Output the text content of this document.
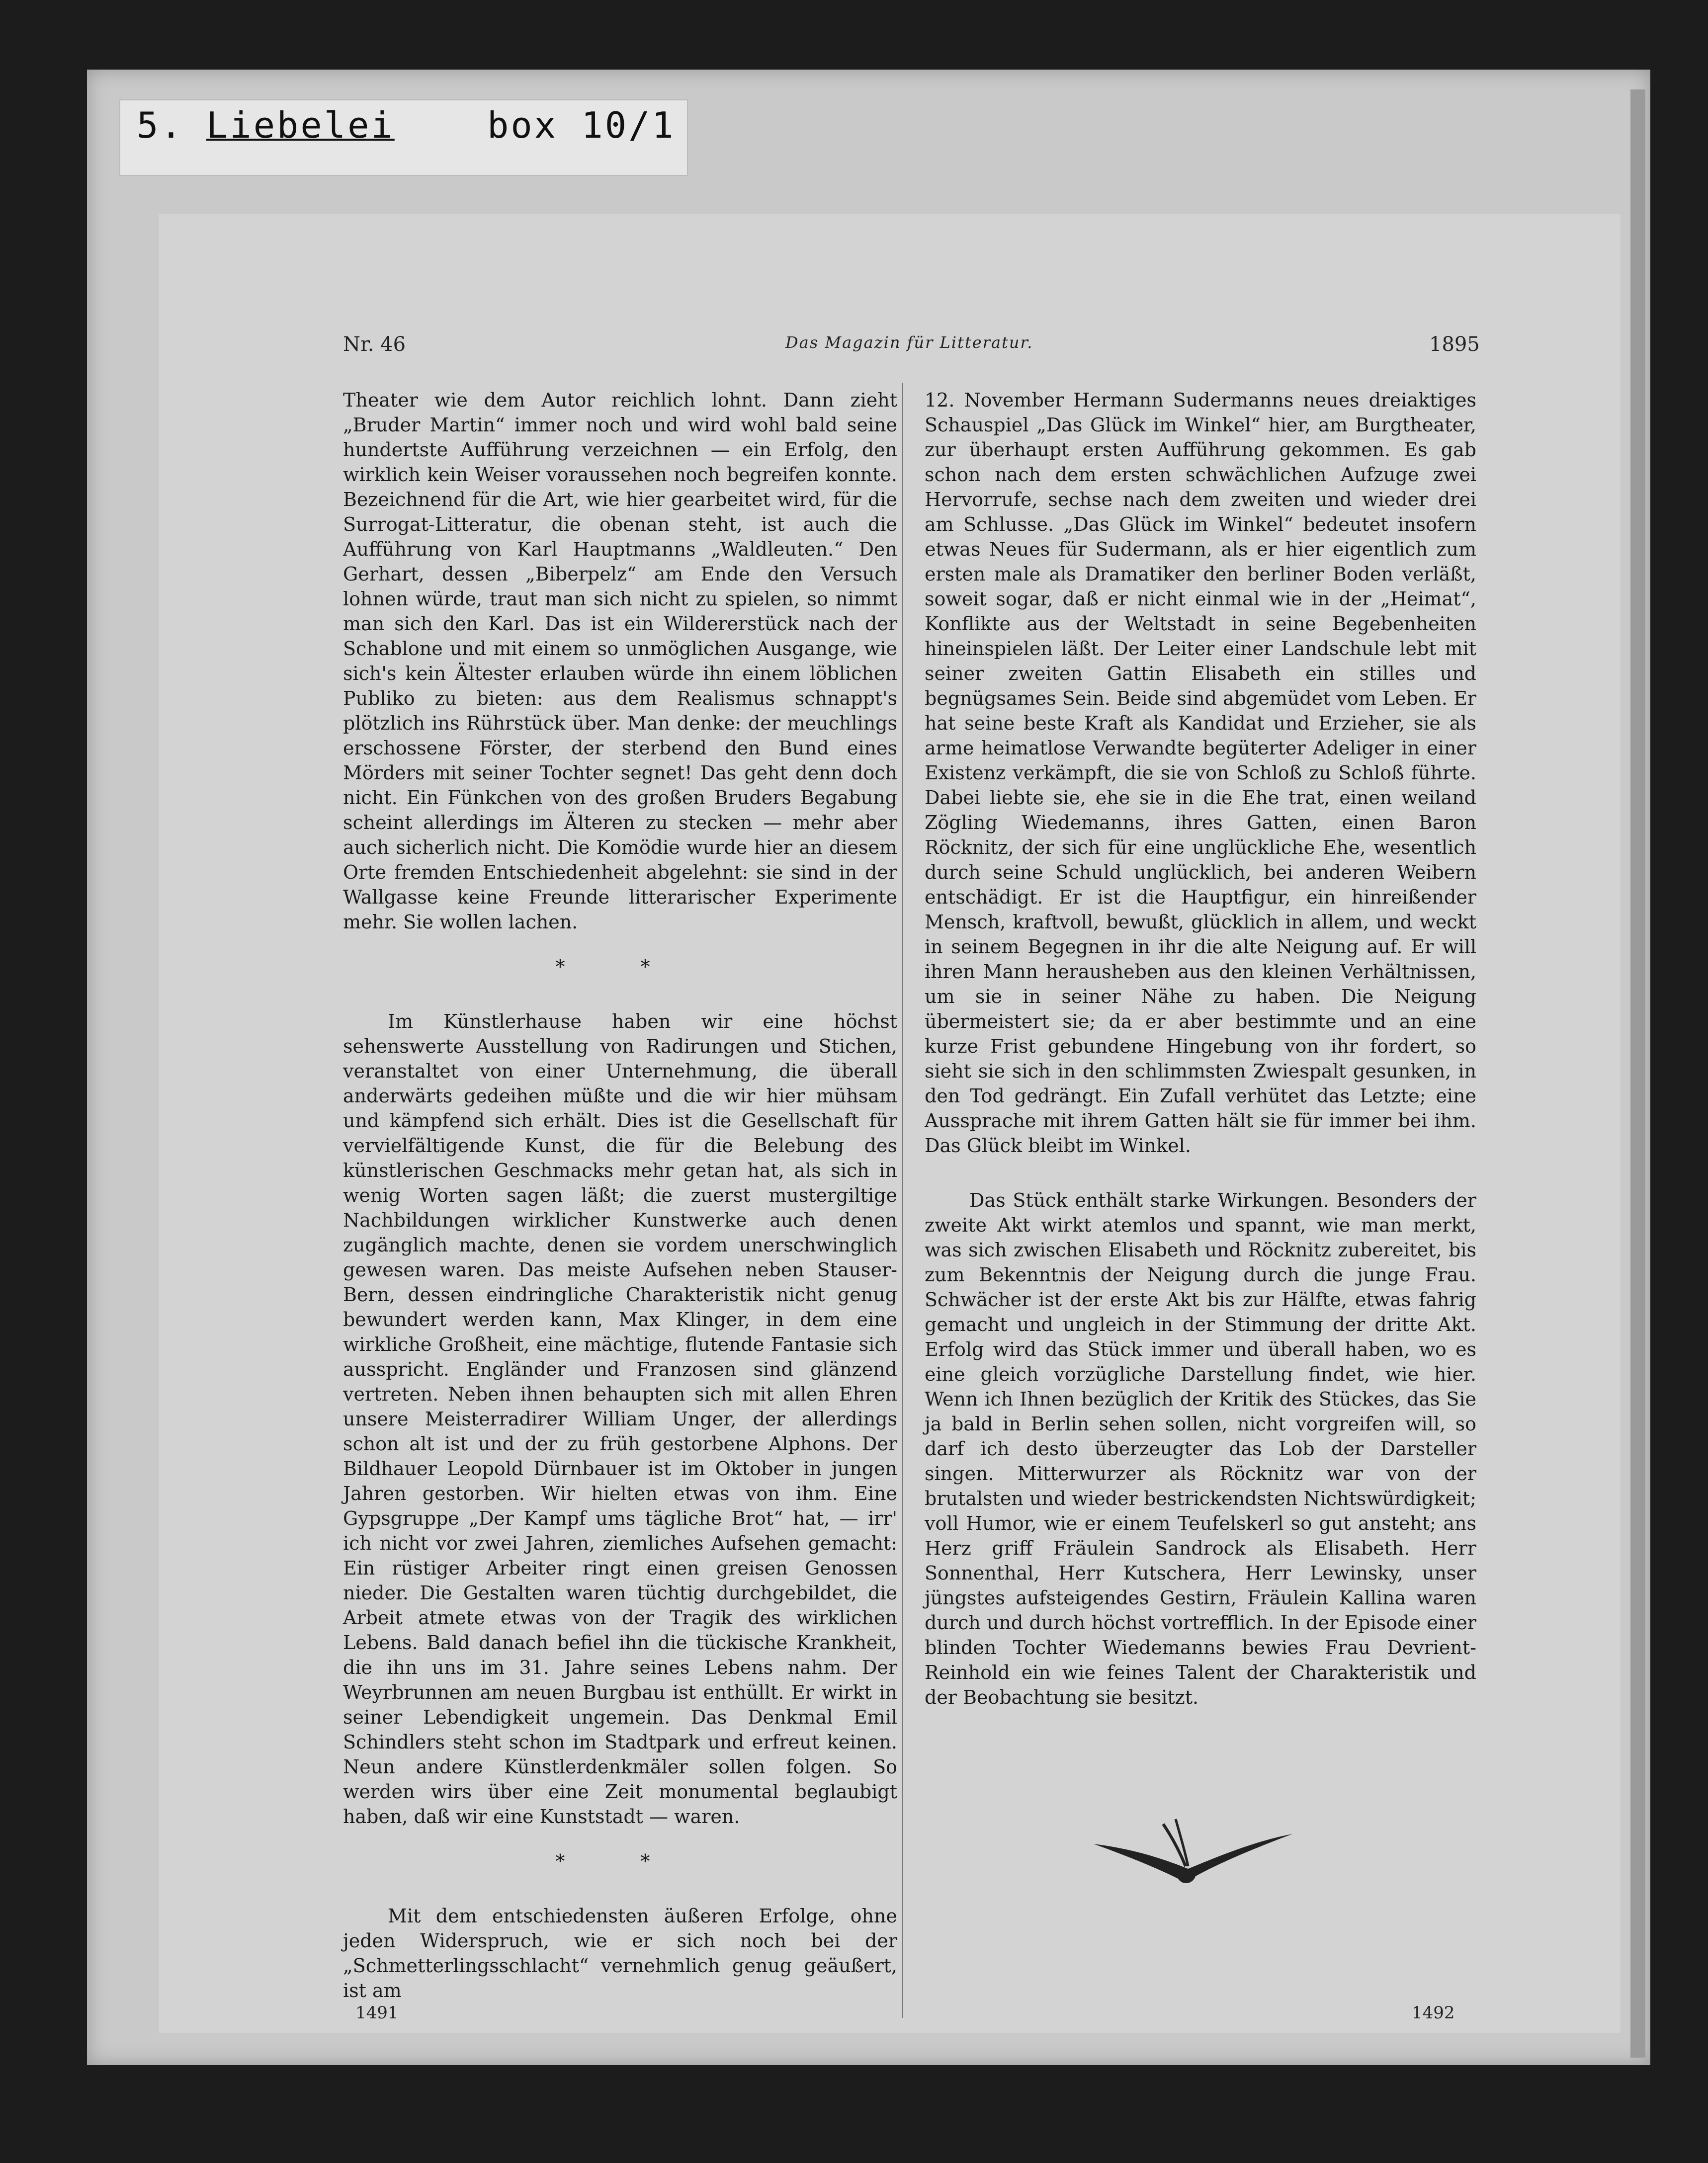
5. Liebelei	box 10/1
Nr. 46	Das Magazin für Litteratur.	1895

Theater wie dem Autor reichlich lohnt. Dann zieht „Bruder Martin“ immer noch und wird wohl bald seine hundertste Aufführung verzeichnen — ein Erfolg, den wirklich kein Weiser voraussehen noch begreifen konnte. Bezeichnend für die Art, wie hier gearbeitet wird, für die Surrogat-Litteratur, die obenan steht, ist auch die Aufführung von Karl Hauptmanns „Waldleuten.“ Den Gerhart, dessen „Biberpelz“ am Ende den Versuch lohnen würde, traut man sich nicht zu spielen, so nimmt man sich den Karl. Das ist ein Wildererstück nach der Schablone und mit einem so unmöglichen Ausgange, wie sich's kein Ältester erlauben würde ihn einem löblichen Publiko zu bieten: aus dem Realismus schnappt's plötzlich ins Rührstück über. Man denke: der meuchlings erschossene Förster, der sterbend den Bund eines Mörders mit seiner Tochter segnet! Das geht denn doch nicht. Ein Fünkchen von des großen Bruders Begabung scheint allerdings im Älteren zu stecken — mehr aber auch sicherlich nicht. Die Komödie wurde hier an diesem Orte fremden Entschiedenheit abgelehnt: sie sind in der Wallgasse keine Freunde litterarischer Experimente mehr. Sie wollen lachen.

* *

Im Künstlerhause haben wir eine höchst sehenswerte Ausstellung von Radirungen und Stichen, veranstaltet von einer Unternehmung, die überall anderwärts gedeihen müßte und die wir hier mühsam und kämpfend sich erhält. Dies ist die Gesellschaft für vervielfältigende Kunst, die für die Belebung des künstlerischen Geschmacks mehr getan hat, als sich in wenig Worten sagen läßt; die zuerst mustergiltige Nachbildungen wirklicher Kunstwerke auch denen zugänglich machte, denen sie vordem unerschwinglich gewesen waren. Das meiste Aufsehen neben Stauser-Bern, dessen eindringliche Charakteristik nicht genug bewundert werden kann, Max Klinger, in dem eine wirkliche Großheit, eine mächtige, flutende Fantasie sich ausspricht. Engländer und Franzosen sind glänzend vertreten. Neben ihnen behaupten sich mit allen Ehren unsere Meisterradirer William Unger, der allerdings schon alt ist und der zu früh gestorbene Alphons. Der Bildhauer Leopold Dürnbauer ist im Oktober in jungen Jahren gestorben. Wir hielten etwas von ihm. Eine Gypsgruppe „Der Kampf ums tägliche Brot“ hat, — irr' ich nicht vor zwei Jahren, ziemliches Aufsehen gemacht: Ein rüstiger Arbeiter ringt einen greisen Genossen nieder. Die Gestalten waren tüchtig durchgebildet, die Arbeit atmete etwas von der Tragik des wirklichen Lebens. Bald danach befiel ihn die tückische Krankheit, die ihn uns im 31. Jahre seines Lebens nahm. Der Weyrbrunnen am neuen Burgbau ist enthüllt. Er wirkt in seiner Lebendigkeit ungemein. Das Denkmal Emil Schindlers steht schon im Stadtpark und erfreut keinen. Neun andere Künstlerdenkmäler sollen folgen. So werden wirs über eine Zeit monumental beglaubigt haben, daß wir eine Kunststadt — waren.

* *

Mit dem entschiedensten äußeren Erfolge, ohne jeden Widerspruch, wie er sich noch bei der „Schmetterlingsschlacht“ vernehmlich genug geäußert, ist am

12. November Hermann Sudermanns neues dreiaktiges Schauspiel „Das Glück im Winkel“ hier, am Burgtheater, zur überhaupt ersten Aufführung gekommen. Es gab schon nach dem ersten schwächlichen Aufzuge zwei Hervorrufe, sechse nach dem zweiten und wieder drei am Schlusse. „Das Glück im Winkel“ bedeutet insofern etwas Neues für Sudermann, als er hier eigentlich zum ersten male als Dramatiker den berliner Boden verläßt, soweit sogar, daß er nicht einmal wie in der „Heimat“, Konflikte aus der Weltstadt in seine Begebenheiten hineinspielen läßt. Der Leiter einer Landschule lebt mit seiner zweiten Gattin Elisabeth ein stilles und begnügsames Sein. Beide sind abgemüdet vom Leben. Er hat seine beste Kraft als Kandidat und Erzieher, sie als arme heimatlose Verwandte begüterter Adeliger in einer Existenz verkämpft, die sie von Schloß zu Schloß führte. Dabei liebte sie, ehe sie in die Ehe trat, einen weiland Zögling Wiedemanns, ihres Gatten, einen Baron Röcknitz, der sich für eine unglückliche Ehe, wesentlich durch seine Schuld unglücklich, bei anderen Weibern entschädigt. Er ist die Hauptfigur, ein hinreißender Mensch, kraftvoll, bewußt, glücklich in allem, und weckt in seinem Begegnen in ihr die alte Neigung auf. Er will ihren Mann herausheben aus den kleinen Verhältnissen, um sie in seiner Nähe zu haben. Die Neigung übermeistert sie; da er aber bestimmte und an eine kurze Frist gebundene Hingebung von ihr fordert, so sieht sie sich in den schlimmsten Zwiespalt gesunken, in den Tod gedrängt. Ein Zufall verhütet das Letzte; eine Aussprache mit ihrem Gatten hält sie für immer bei ihm. Das Glück bleibt im Winkel.

Das Stück enthält starke Wirkungen. Besonders der zweite Akt wirkt atemlos und spannt, wie man merkt, was sich zwischen Elisabeth und Röcknitz zubereitet, bis zum Bekenntnis der Neigung durch die junge Frau. Schwächer ist der erste Akt bis zur Hälfte, etwas fahrig gemacht und ungleich in der Stimmung der dritte Akt. Erfolg wird das Stück immer und überall haben, wo es eine gleich vorzügliche Darstellung findet, wie hier. Wenn ich Ihnen bezüglich der Kritik des Stückes, das Sie ja bald in Berlin sehen sollen, nicht vorgreifen will, so darf ich desto überzeugter das Lob der Darsteller singen. Mitterwurzer als Röcknitz war von der brutalsten und wieder bestrickendsten Nichtswürdigkeit; voll Humor, wie er einem Teufelskerl so gut ansteht; ans Herz griff Fräulein Sandrock als Elisabeth. Herr Sonnenthal, Herr Kutschera, Herr Lewinsky, unser jüngstes aufsteigendes Gestirn, Fräulein Kallina waren durch und durch höchst vortrefflich. In der Episode einer blinden Tochter Wiedemanns bewies Frau Devrient-Reinhold ein wie feines Talent der Charakteristik und der Beobachtung sie besitzt.

1491	1492
